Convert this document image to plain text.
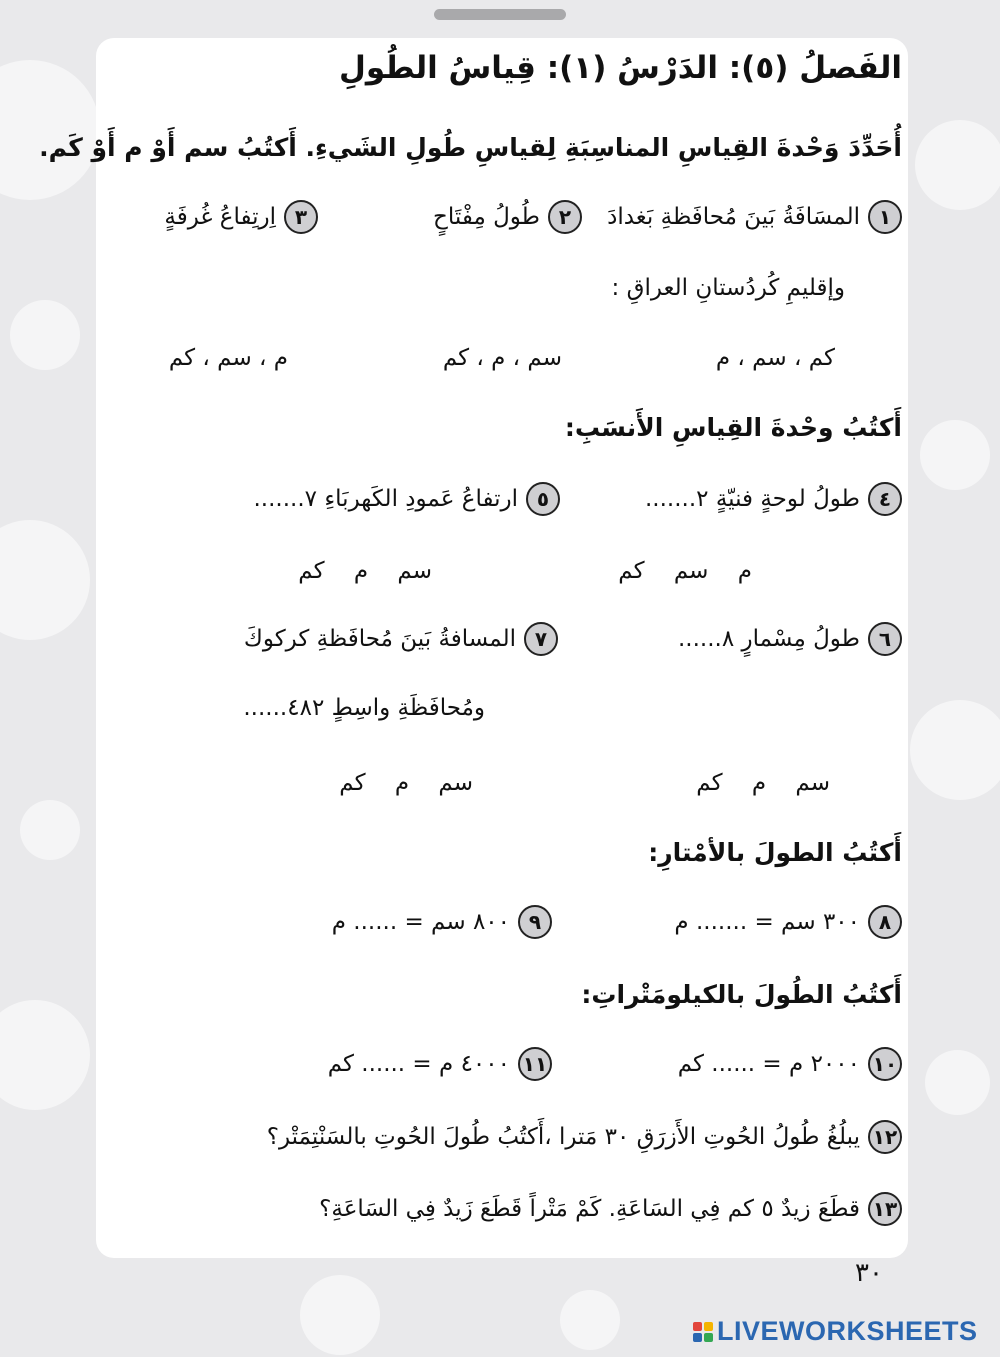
الفَصلُ (٥): الدَرْسُ (١): قِياسُ الطُولِ
أُحَدِّدَ وَحْدةَ القِياسِ المناسِبَةِ لِقياسِ طُولِ الشَيءِ. أَكتُبُ سم أَوْ م أَوْ كَم.
١
المسَافَةُ بَينَ مُحافَظةِ بَغدادَ
٢
طُولُ مِفْتَاحٍ
٣
اِرتِفاعُ غُرفَةٍ
وإقليمِ كُردُستانِ العراقِ :
كم ، سم ، م
سم ، م ، كم
م ، سم ، كم
أَكتُبُ وحْدةَ القِياسِ الأَنسَبِ:
٤
طولُ لوحةٍ فنيّةٍ ٢.......
٥
ارتفاعُ عَمودِ الكَهربَاءِ ٧.......
م سم كم
سم م كم
٦
طولُ مِسْمارٍ ٨......
٧
المسافةُ بَينَ مُحافَظةِ كركوكَ
ومُحافَظَةِ واسِطٍ ٤٨٢......
سم م كم
سم م كم
أَكتُبُ الطولَ بالأمْتارِ:
٨
٣٠٠ سم = ....... م
٩
٨٠٠ سم = ...... م
أَكتُبُ الطُولَ بالكيلومَتْراتِ:
١٠
٢٠٠٠ م = ...... كم
١١
٤٠٠٠ م = ...... كم
١٢
يبلُغُ طُولُ الحُوتِ الأَزرَقِ ٣٠ مَترا ،أَكتُبُ طُولَ الحُوتِ بالسَنْتِمَتْر؟
١٣
قطَعَ زيدٌ ٥ كم فِي السَاعَةِ. كَمْ مَتْراً قَطَعَ زَيدٌ فِي السَاعَةِ؟
٣٠
LIVEWORKSHEETS
